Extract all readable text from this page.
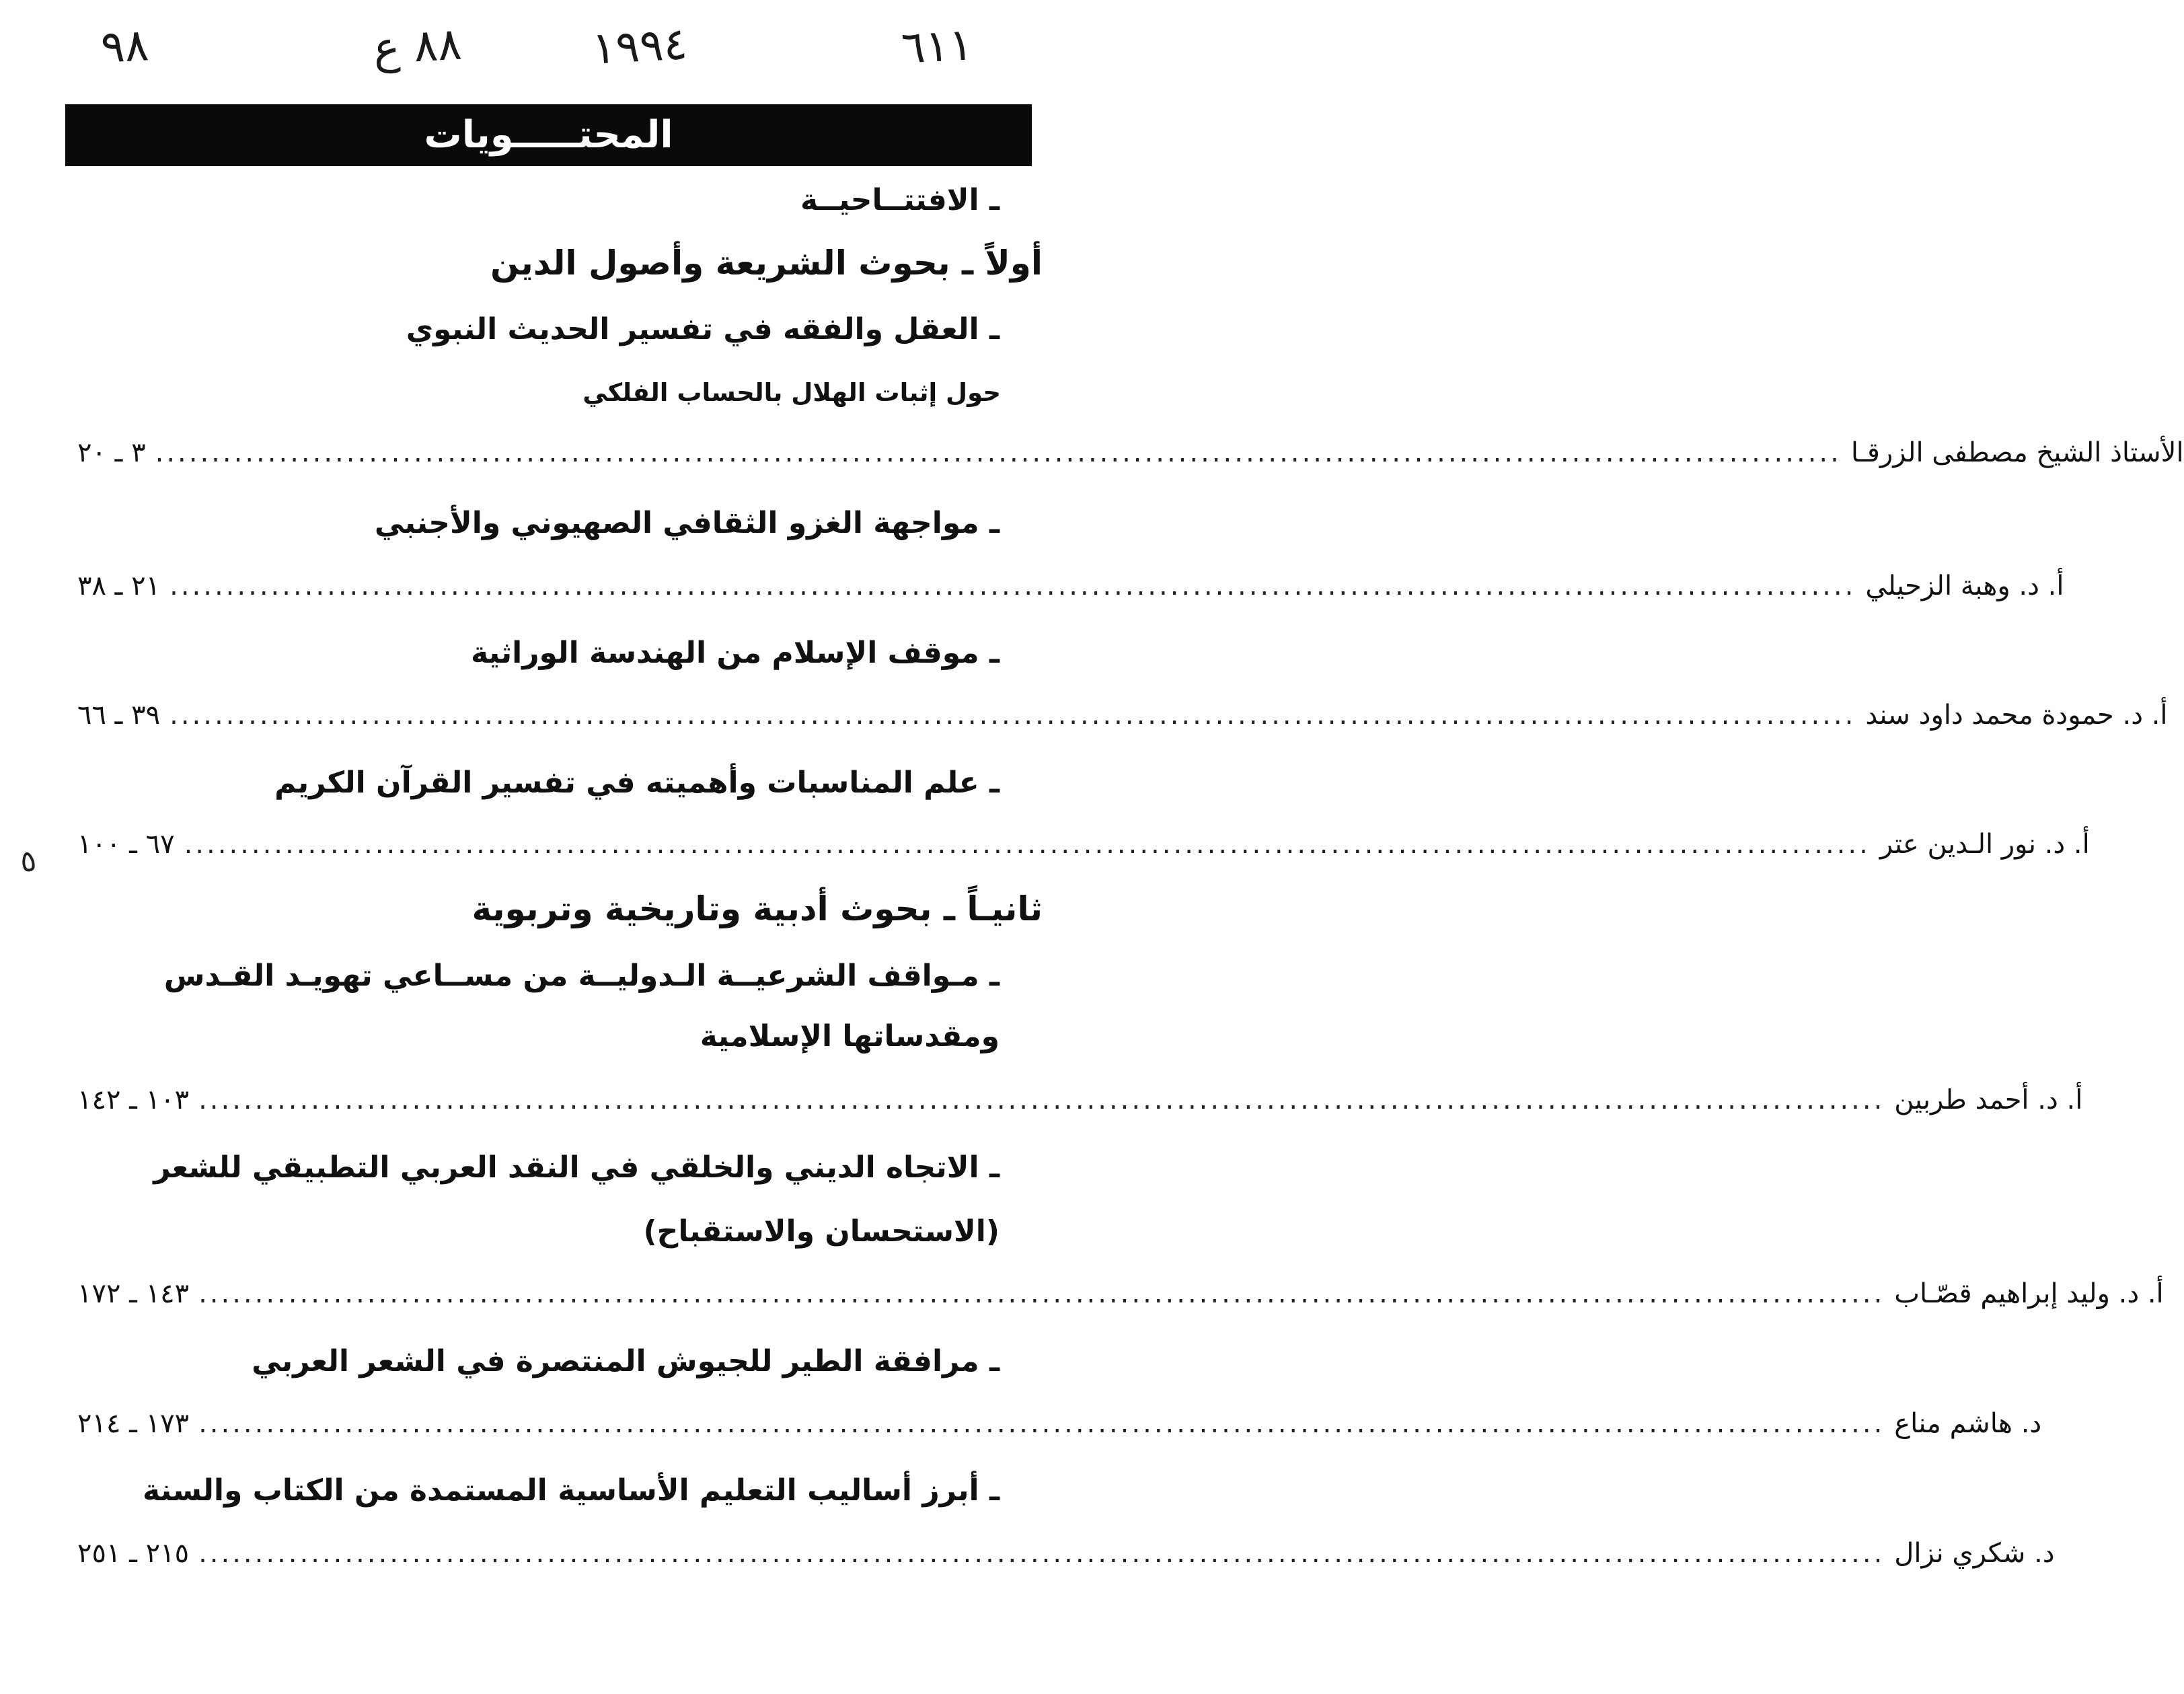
٩٨	٨٨ ع	١٩٩٤	٦١١
المحتـــــويات
ـ الافتتــاحيــة
أولاً ـ بحوث الشريعة وأصول الدين
ـ العقل والفقه في تفسير الحديث النبوي
حول إثبات الهلال بالحساب الفلكي
٣ ـ ٢٠ ...................................................................................................................................................... الأستاذ الشيخ مصطفى الزرقـا
ـ مواجهة الغزو الثقافي الصهيوني والأجنبي
٢١ ـ ٣٨ ...................................................................................................................................................... أ. د. وهبة الزحيلي
ـ موقف الإسلام من الهندسة الوراثية
٣٩ ـ ٦٦ ...................................................................................................................................................... أ. د. حمودة محمد داود سند
ـ علم المناسبات وأهميته في تفسير القرآن الكريم
٦٧ ـ ١٠٠ ...................................................................................................................................................... أ. د. نور الـدين عتر
٥
ثانيـاً ـ بحوث أدبية وتاريخية وتربوية
ـ مـواقف الشرعيــة الـدوليــة من مســاعي تهويـد القـدس
ومقدساتها الإسلامية
١٠٣ ـ ١٤٢ ...................................................................................................................................................... أ. د. أحمد طربين
ـ الاتجاه الديني والخلقي في النقد العربي التطبيقي للشعر
(الاستحسان والاستقباح)
١٤٣ ـ ١٧٢ ...................................................................................................................................................... أ. د. وليد إبراهيم قصّـاب
ـ مرافقة الطير للجيوش المنتصرة في الشعر العربي
١٧٣ ـ ٢١٤ ...................................................................................................................................................... د. هاشم مناع
ـ أبرز أساليب التعليم الأساسية المستمدة من الكتاب والسنة
٢١٥ ـ ٢٥١ ...................................................................................................................................................... د. شكري نزال
